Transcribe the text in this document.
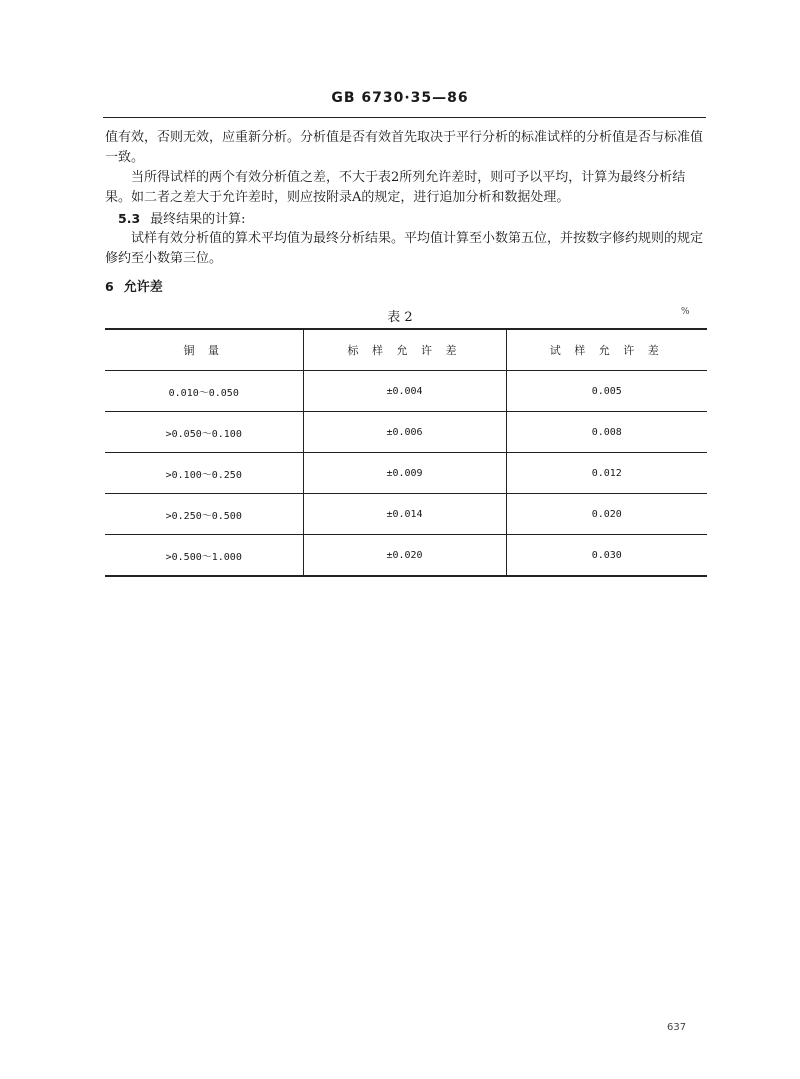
GB 6730·35—86
值有效，否则无效，应重新分析。分析值是否有效首先取决于平行分析的标准试样的分析值是否与标准值一致。
当所得试样的两个有效分析值之差，不大于表2所列允许差时，则可予以平均，计算为最终分析结果。如二者之差大于允许差时，则应按附录A的规定，进行追加分析和数据处理。
5.3 最终结果的计算:
试样有效分析值的算术平均值为最终分析结果。平均值计算至小数第五位，并按数字修约规则的规定修约至小数第三位。
6 允许差
表 2	%
铜 量	标 样 允 许 差	试 样 允 许 差
0.010～0.050	±0.004	0.005
>0.050～0.100	±0.006	0.008
>0.100～0.250	±0.009	0.012
>0.250～0.500	±0.014	0.020
>0.500～1.000	±0.020	0.030
637
